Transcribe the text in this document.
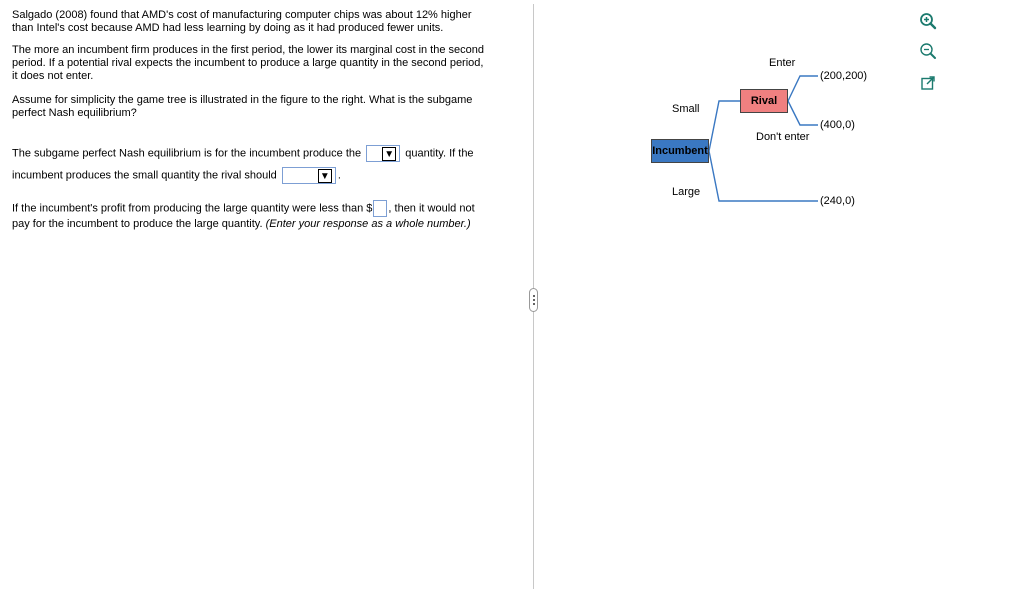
Salgado (2008) found that AMD's cost of manufacturing computer chips was about 12% higher
than Intel's cost because AMD had less learning by doing as it had produced fewer units.

The more an incumbent firm produces in the first period, the lower its marginal cost in the second
period. If a potential rival expects the incumbent to produce a large quantity in the second period,
it does not enter.

Assume for simplicity the game tree is illustrated in the figure to the right. What is the subgame
perfect Nash equilibrium?

The subgame perfect Nash equilibrium is for the incumbent produce the ▼ quantity. If the
incumbent produces the small quantity the rival should	▼ .
If the incumbent's profit from producing the large quantity were less than $ , then it would not
pay for the incumbent to produce the large quantity. (Enter your response as a whole number.)
Incumbent
Rival
Small
Large
Enter
Don't enter
(200,200)
(400,0)
(240,0)
